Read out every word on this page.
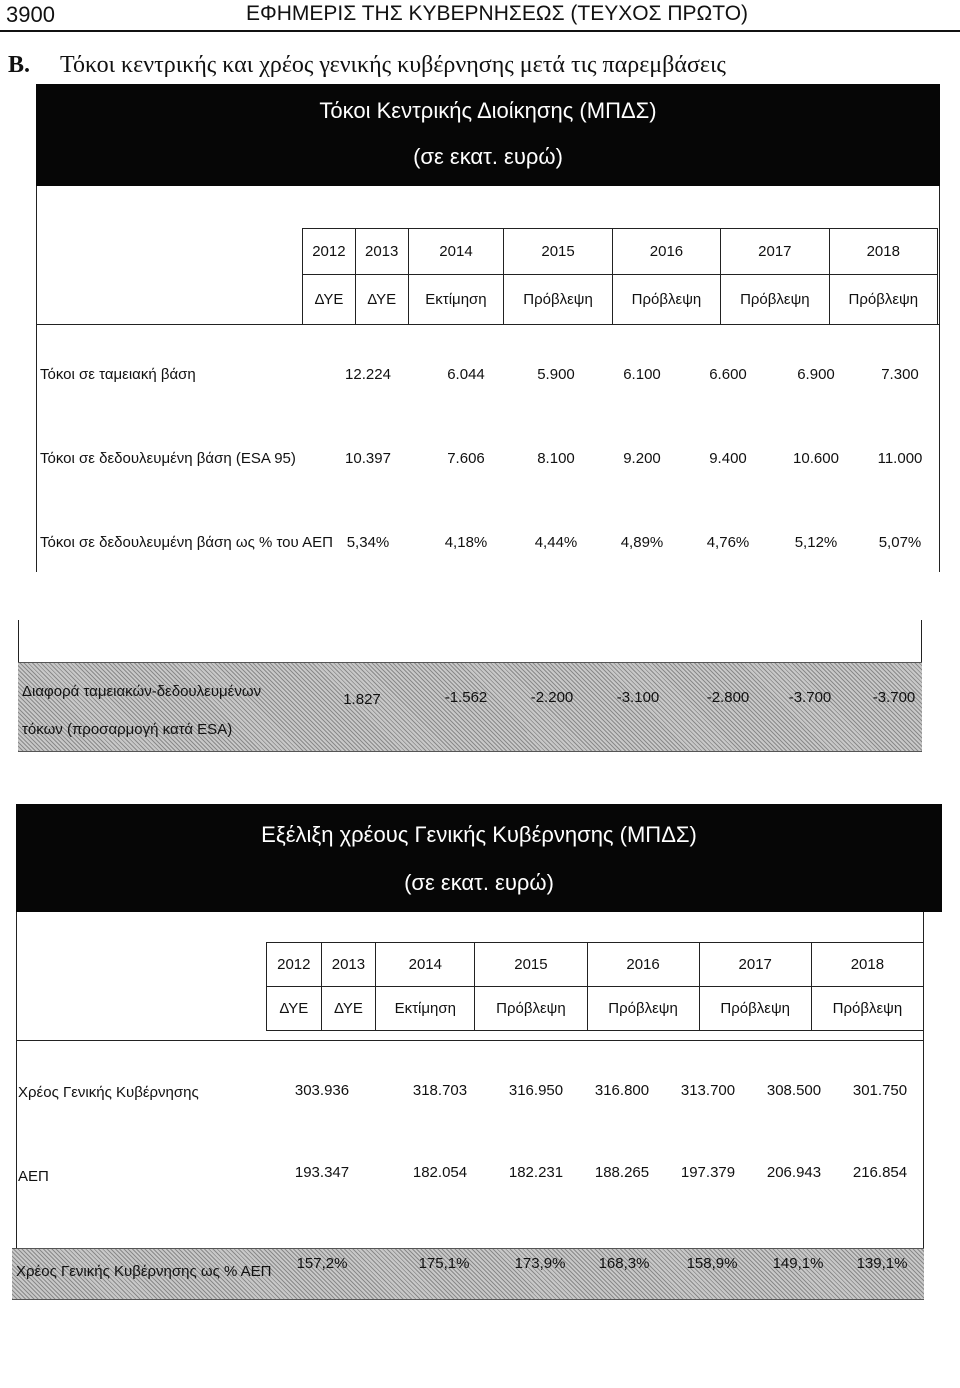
3900	ΕΦΗΜΕΡΙΣ ΤΗΣ ΚΥΒΕΡΝΗΣΕΩΣ (ΤΕΥΧΟΣ ΠΡΩΤΟ)
Β. Τόκοι κεντρικής και χρέος γενικής κυβέρνησης μετά τις παρεμβάσεις
Τόκοι Κεντρικής Διοίκησης (ΜΠΔΣ)
(σε εκατ. ευρώ)
2012	2013	2014	2015	2016	2017	2018
ΔΥΕ	ΔΥΕ	Εκτίμηση	Πρόβλεψη	Πρόβλεψη	Πρόβλεψη	Πρόβλεψη
Τόκοι σε ταμειακή βάση	12.224	6.044	5.900	6.100	6.600	6.900	7.300
Τόκοι σε δεδουλευμένη βάση (ESA 95)	10.397	7.606	8.100	9.200	9.400	10.600	11.000
Τόκοι σε δεδουλευμένη βάση ως % του ΑΕΠ 5,34%	4,18%	4,44%	4,89%	4,76%	5,12%	5,07%
Διαφορά ταμειακών-δεδουλευμένων
τόκων (προσαρμογή κατά ESA)
1.827	-1.562	-2.200	-3.100	-2.800	-3.700	-3.700
Εξέλιξη χρέους Γενικής Κυβέρνησης (ΜΠΔΣ)
(σε εκατ. ευρώ)
2012	2013	2014	2015	2016	2017	2018
ΔΥΕ	ΔΥΕ	Εκτίμηση	Πρόβλεψη	Πρόβλεψη	Πρόβλεψη	Πρόβλεψη
Χρέος Γενικής Κυβέρνησης	303.936	318.703	316.950	316.800	313.700	308.500	301.750
ΑΕΠ	193.347	182.054	182.231	188.265	197.379	206.943	216.854
Χρέος Γενικής Κυβέρνησης ως % ΑΕΠ	157,2%	175,1%	173,9%	168,3%	158,9%	149,1%	139,1%
